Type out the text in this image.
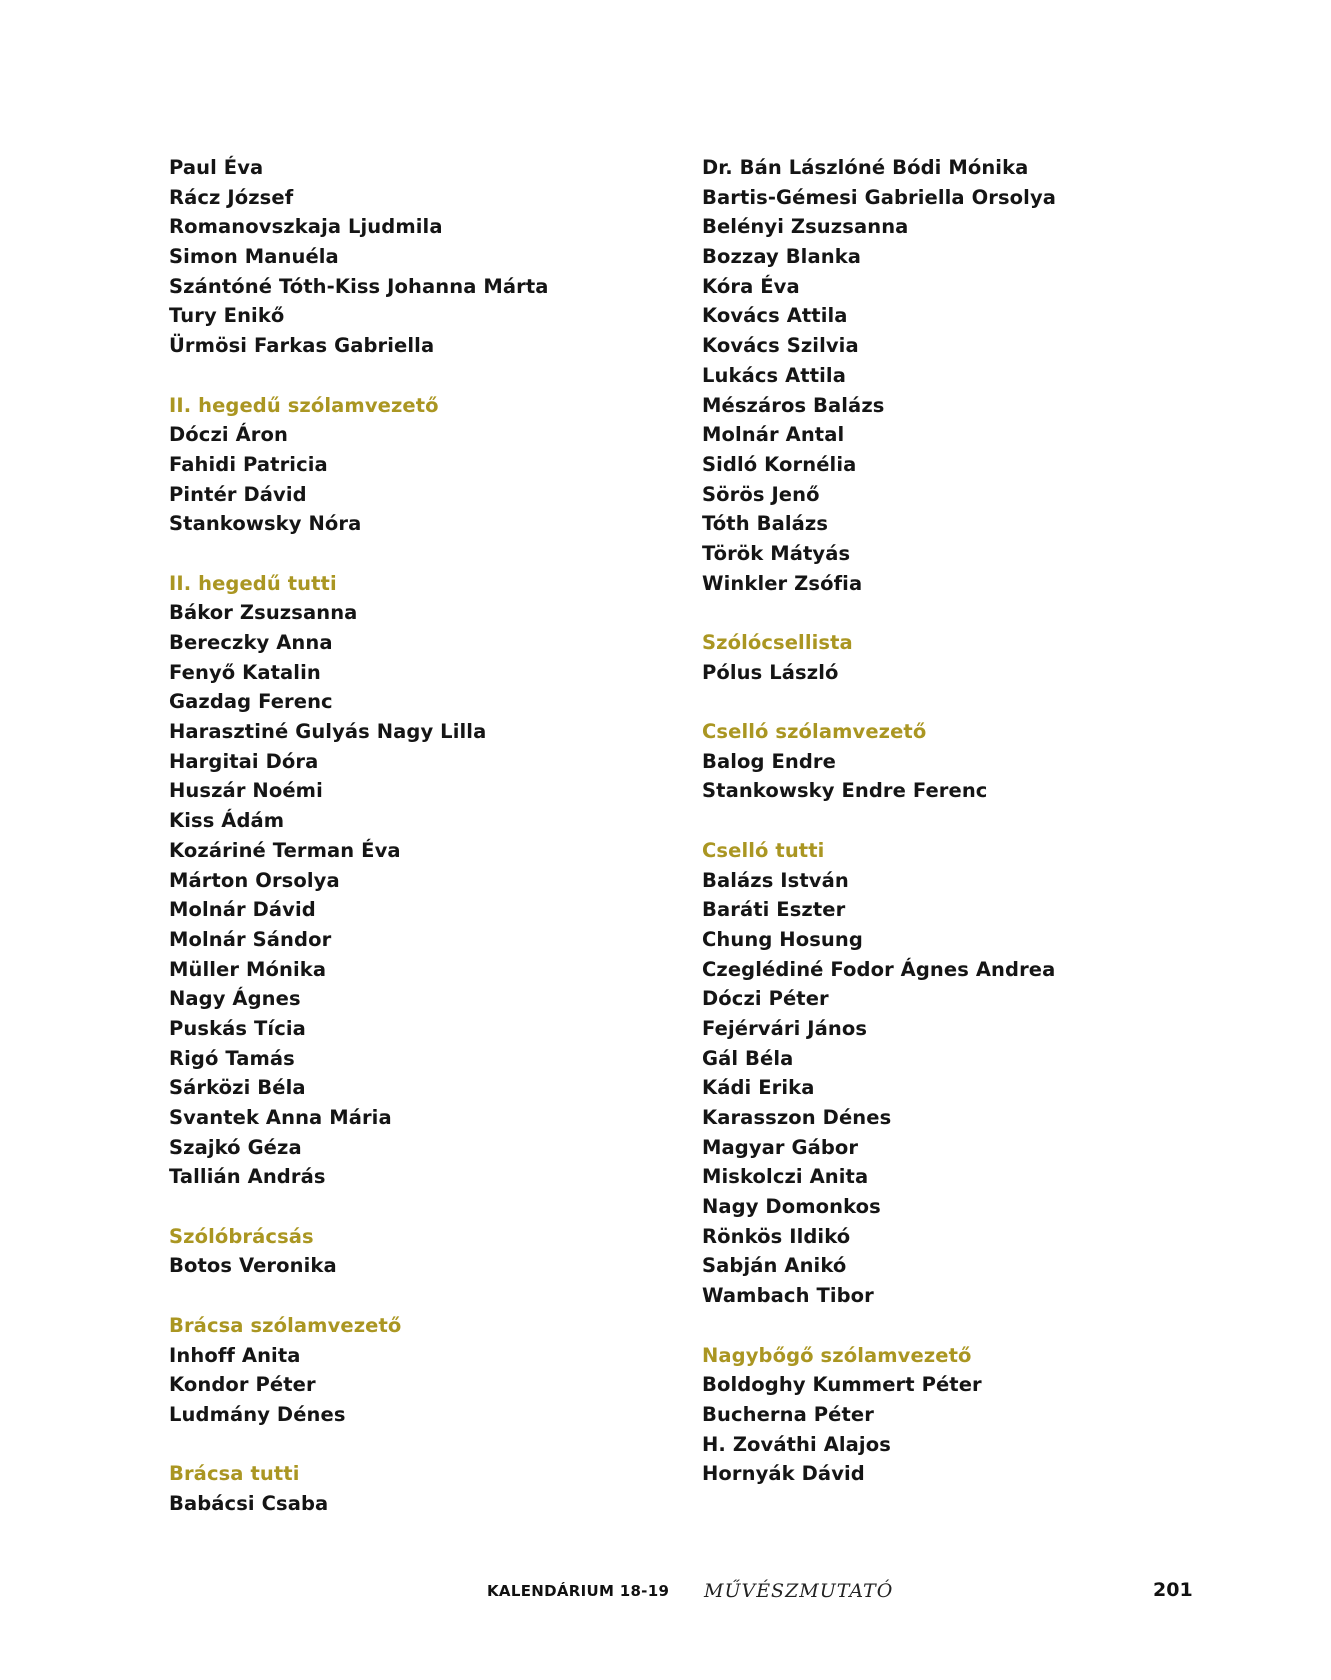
Paul Éva
Rácz József
Romanovszkaja Ljudmila
Simon Manuéla
Szántóné Tóth-Kiss Johanna Márta
Tury Enikő
Ürmösi Farkas Gabriella
II. hegedű szólamvezető
Dóczi Áron
Fahidi Patricia
Pintér Dávid
Stankowsky Nóra
II. hegedű tutti
Bákor Zsuzsanna
Bereczky Anna
Fenyő Katalin
Gazdag Ferenc
Harasztiné Gulyás Nagy Lilla
Hargitai Dóra
Huszár Noémi
Kiss Ádám
Kozáriné Terman Éva
Márton Orsolya
Molnár Dávid
Molnár Sándor
Müller Mónika
Nagy Ágnes
Puskás Tícia
Rigó Tamás
Sárközi Béla
Svantek Anna Mária
Szajkó Géza
Tallián András
Szólóbrácsás
Botos Veronika
Brácsa szólamvezető
Inhoff Anita
Kondor Péter
Ludmány Dénes
Brácsa tutti
Babácsi Csaba
Dr. Bán Lászlóné Bódi Mónika
Bartis-Gémesi Gabriella Orsolya
Belényi Zsuzsanna
Bozzay Blanka
Kóra Éva
Kovács Attila
Kovács Szilvia
Lukács Attila
Mészáros Balázs
Molnár Antal
Sidló Kornélia
Sörös Jenő
Tóth Balázs
Török Mátyás
Winkler Zsófia
Szólócsellista
Pólus László
Cselló szólamvezető
Balog Endre
Stankowsky Endre Ferenc
Cselló tutti
Balázs István
Baráti Eszter
Chung Hosung
Czeglédiné Fodor Ágnes Andrea
Dóczi Péter
Fejérvári János
Gál Béla
Kádi Erika
Karasszon Dénes
Magyar Gábor
Miskolczi Anita
Nagy Domonkos
Rönkös Ildikó
Sabján Anikó
Wambach Tibor
Nagybőgő szólamvezető
Boldoghy Kummert Péter
Bucherna Péter
H. Zováthi Alajos
Hornyák Dávid
KALENDÁRIUM 18-19 MŰVÉSZMUTATÓ	201
